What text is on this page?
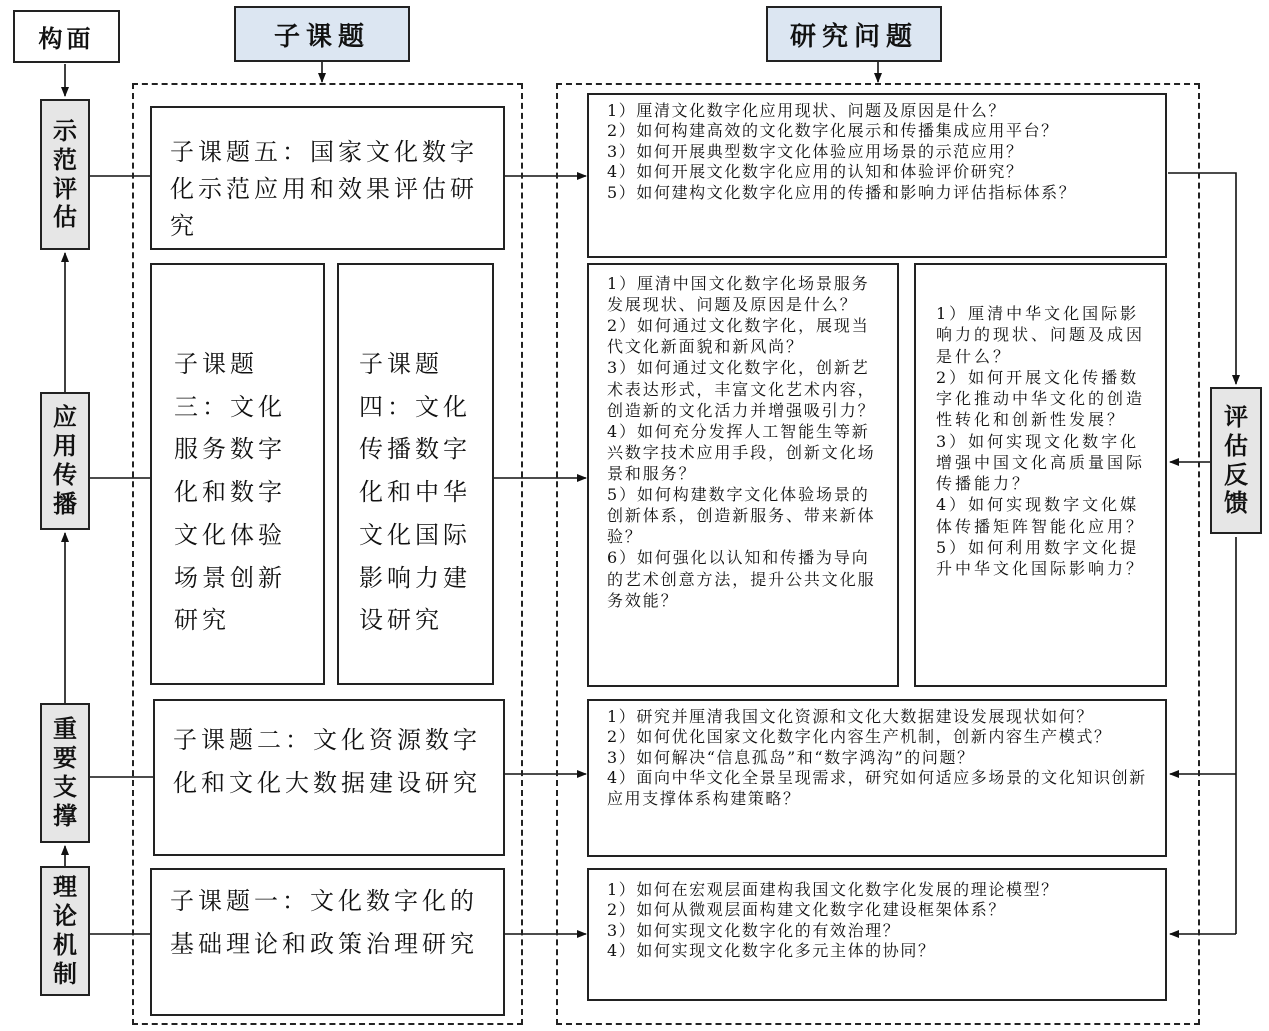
构面	子课题	研究问题
示范评估
应用传播
重要支撑
理论机制
评估反馈
子课题五：国家文化数字化示范应用和效果评估研究
子课题三：文化服务数字化和数字文化体验场景创新研究
子课题四：文化传播数字化和中华文化国际影响力建设研究
子课题二：文化资源数字化和文化大数据建设研究
子课题一：文化数字化的基础理论和政策治理研究
1）厘清文化数字化应用现状、问题及原因是什么？
2）如何构建高效的文化数字化展示和传播集成应用平台？
3）如何开展典型数字文化体验应用场景的示范应用？
4）如何开展文化数字化应用的认知和体验评价研究？
5）如何建构文化数字化应用的传播和影响力评估指标体系？
1）厘清中国文化数字化场景服务发展现状、问题及原因是什么？
2）如何通过文化数字化，展现当代文化新面貌和新风尚？
3）如何通过文化数字化，创新艺术表达形式，丰富文化艺术内容，创造新的文化活力并增强吸引力？
4）如何充分发挥人工智能生等新兴数字技术应用手段，创新文化场景和服务？
5）如何构建数字文化体验场景的创新体系，创造新服务、带来新体验？
6）如何强化以认知和传播为导向的艺术创意方法，提升公共文化服务效能？
1）厘清中华文化国际影响力的现状、问题及成因是什么？
2）如何开展文化传播数字化推动中华文化的创造性转化和创新性发展？
3）如何实现文化数字化增强中国文化高质量国际传播能力？
4）如何实现数字文化媒体传播矩阵智能化应用？
5）如何利用数字文化提升中华文化国际影响力？
1）研究并厘清我国文化资源和文化大数据建设发展现状如何？
2）如何优化国家文化数字化内容生产机制，创新内容生产模式？
3）如何解决“信息孤岛”和“数字鸿沟”的问题？
4）面向中华文化全景呈现需求，研究如何适应多场景的文化知识创新应用支撑体系构建策略？
1）如何在宏观层面建构我国文化数字化发展的理论模型？
2）如何从微观层面构建文化数字化建设框架体系？
3）如何实现文化数字化的有效治理？
4）如何实现文化数字化多元主体的协同？
